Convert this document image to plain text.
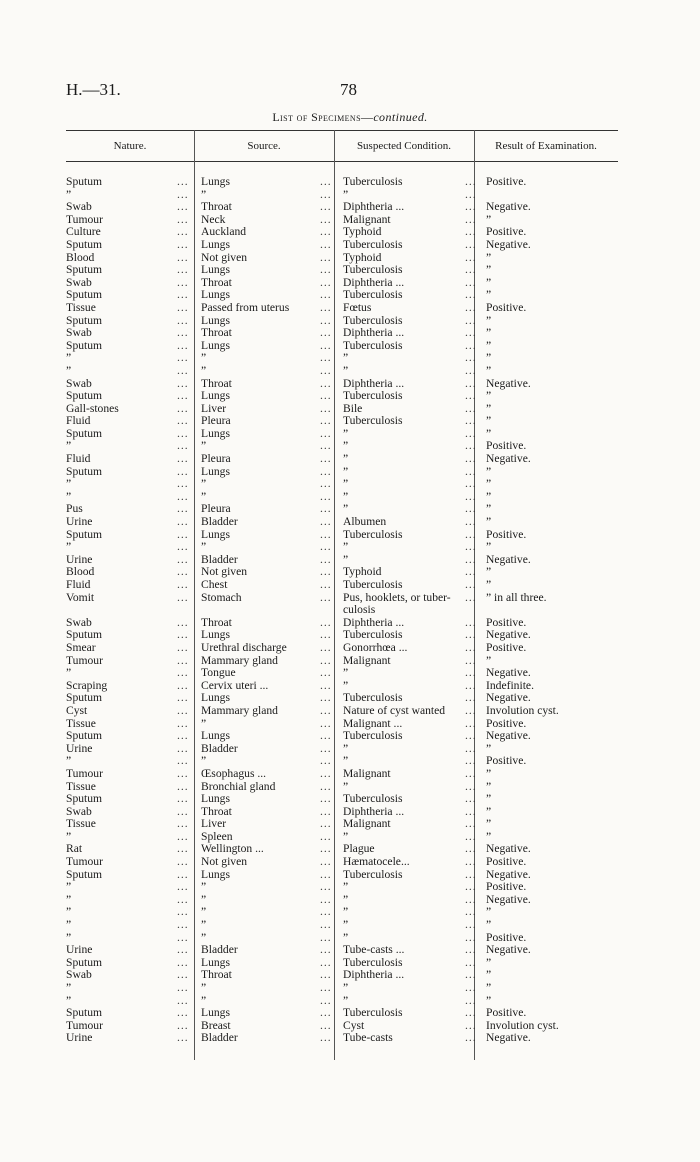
H.—31.	78
List of Specimens—continued.
Nature.	Source.	Suspected Condition.	Result of Examination.
Sputum	Lungs	Tuberculosis	Positive.
...	...	...
”	”	”
...	...	...
Swab	Throat	Diphtheria ...	Negative.
...	...	...
Tumour	Neck	Malignant	”
...	...	...
Culture	Auckland	Typhoid	Positive.
...	...	...
Sputum	Lungs	Tuberculosis	Negative.
...	...	...
Blood	Not given	Typhoid	”
...	...	...
Sputum	Lungs	Tuberculosis	”
...	...	...
Swab	Throat	Diphtheria ...	”
...	...	...
Sputum	Lungs	Tuberculosis	”
...	...	...
Tissue	Passed from uterus	Fœtus	Positive.
...	...	...
Sputum	Lungs	Tuberculosis	”
...	...	...
Swab	Throat	Diphtheria ...	”
...	...	...
Sputum	Lungs	Tuberculosis	”
...	...	...
”	”	”	”
...	...	...
”	”	”	”
...	...	...
Swab	Throat	Diphtheria ...	Negative.
...	...	...
Sputum	Lungs	Tuberculosis	”
...	...	...
Gall-stones	Liver	Bile	”
...	...	...
Fluid	Pleura	Tuberculosis	”
...	...	...
Sputum	Lungs	”	”
...	...	...
”	”	”	Positive.
...	...	...
Fluid	Pleura	”	Negative.
...	...	...
Sputum	Lungs	”	”
...	...	...
”	”	”	”
...	...	...
”	”	”	”
...	...	...
Pus	Pleura	”	”
...	...	...
Urine	Bladder	Albumen	”
...	...	...
Sputum	Lungs	Tuberculosis	Positive.
...	...	...
”	”	”	”
...	...	...
Urine	Bladder	”	Negative.
...	...	...
Blood	Not given	Typhoid	”
...	...	...
Fluid	Chest	Tuberculosis	”
...	...	...
Vomit	Stomach	Pus, hooklets, or tuber-	” in all three.
...	...	...
culosis
Swab	Throat	Diphtheria ...	Positive.
...	...	...
Sputum	Lungs	Tuberculosis	Negative.
...	...	...
Smear	Urethral discharge	Gonorrhœa ...	Positive.
...	...	...
Tumour	Mammary gland	Malignant	”
...	...	...
”	Tongue	”	Negative.
...	...	...
Scraping	Cervix uteri ...	”	Indefinite.
...	...	...
Sputum	Lungs	Tuberculosis	Negative.
...	...	...
Cyst	Mammary gland	Nature of cyst wanted	Involution cyst.
...	...	...
Tissue	”	Malignant ...	Positive.
...	...	...
Sputum	Lungs	Tuberculosis	Negative.
...	...	...
Urine	Bladder	”	”
...	...	...
”	”	”	Positive.
...	...	...
Tumour	Œsophagus ...	Malignant	”
...	...	...
Tissue	Bronchial gland	”	”
...	...	...
Sputum	Lungs	Tuberculosis	”
...	...	...
Swab	Throat	Diphtheria ...	”
...	...	...
Tissue	Liver	Malignant	”
...	...	...
”	Spleen	”	”
...	...	...
Rat	Wellington ...	Plague	Negative.
...	...	...
Tumour	Not given	Hæmatocele...	Positive.
...	...	...
Sputum	Lungs	Tuberculosis	Negative.
...	...	...
”	”	”	Positive.
...	...	...
”	”	”	Negative.
...	...	...
”	”	”	”
...	...	...
”	”	”	”
...	...	...
”	”	”	Positive.
...	...	...
Urine	Bladder	Tube-casts ...	Negative.
...	...	...
Sputum	Lungs	Tuberculosis	”
...	...	...
Swab	Throat	Diphtheria ...	”
...	...	...
”	”	”	”
...	...	...
”	”	”	”
...	...	...
Sputum	Lungs	Tuberculosis	Positive.
...	...	...
Tumour	Breast	Cyst	Involution cyst.
...	...	...
Urine	Bladder	Tube-casts	Negative.
...	...	...
